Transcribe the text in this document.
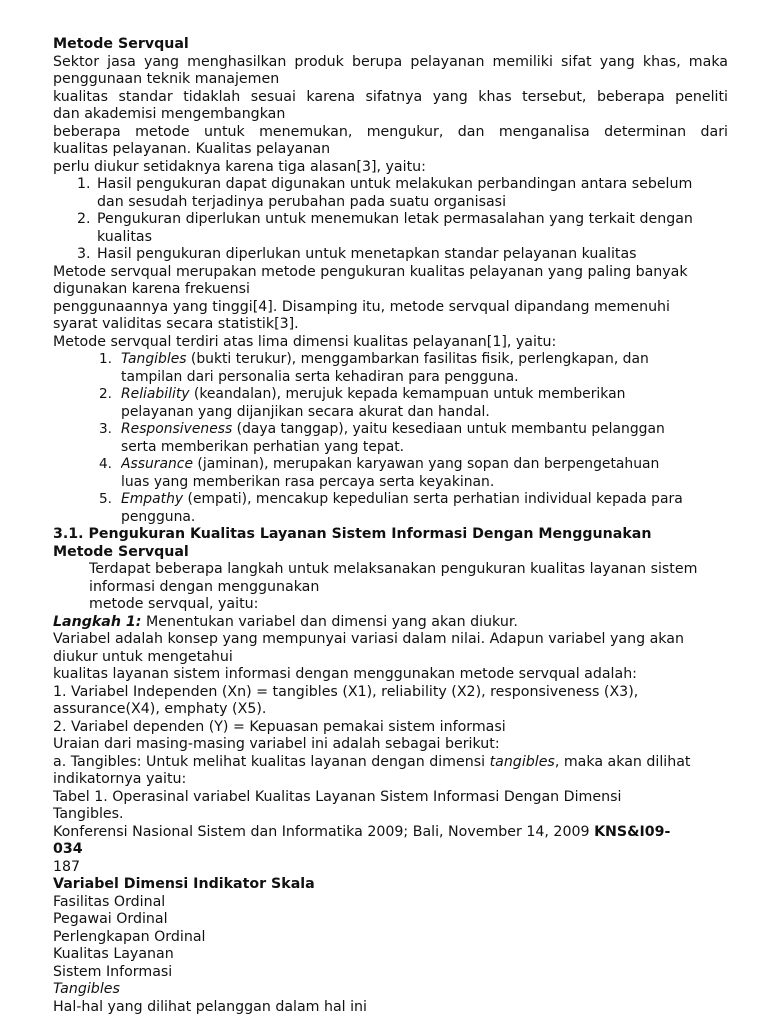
Metode Servqual
Sektor jasa yang menghasilkan produk berupa pelayanan memiliki sifat yang khas, maka
penggunaan teknik manajemen
kualitas standar tidaklah sesuai karena sifatnya yang khas tersebut, beberapa peneliti
dan akademisi mengembangkan
beberapa metode untuk menemukan, mengukur, dan menganalisa determinan dari
kualitas pelayanan. Kualitas pelayanan
perlu diukur setidaknya karena tiga alasan[3], yaitu:
1. Hasil pengukuran dapat digunakan untuk melakukan perbandingan antara sebelum
dan sesudah terjadinya perubahan pada suatu organisasi
2. Pengukuran diperlukan untuk menemukan letak permasalahan yang terkait dengan
kualitas
3. Hasil pengukuran diperlukan untuk menetapkan standar pelayanan kualitas
Metode servqual merupakan metode pengukuran kualitas pelayanan yang paling banyak
digunakan karena frekuensi
penggunaannya yang tinggi[4]. Disamping itu, metode servqual dipandang memenuhi
syarat validitas secara statistik[3].
Metode servqual terdiri atas lima dimensi kualitas pelayanan[1], yaitu:
1. Tangibles (bukti terukur), menggambarkan fasilitas fisik, perlengkapan, dan
tampilan dari personalia serta kehadiran para pengguna.
2. Reliability (keandalan), merujuk kepada kemampuan untuk memberikan
pelayanan yang dijanjikan secara akurat dan handal.
3. Responsiveness (daya tanggap), yaitu kesediaan untuk membantu pelanggan
serta memberikan perhatian yang tepat.
4. Assurance (jaminan), merupakan karyawan yang sopan dan berpengetahuan
luas yang memberikan rasa percaya serta keyakinan.
5. Empathy (empati), mencakup kepedulian serta perhatian individual kepada para
pengguna.
3.1. Pengukuran Kualitas Layanan Sistem Informasi Dengan Menggunakan
Metode Servqual
Terdapat beberapa langkah untuk melaksanakan pengukuran kualitas layanan sistem
informasi dengan menggunakan
metode servqual, yaitu:
Langkah 1: Menentukan variabel dan dimensi yang akan diukur.
Variabel adalah konsep yang mempunyai variasi dalam nilai. Adapun variabel yang akan
diukur untuk mengetahui
kualitas layanan sistem informasi dengan menggunakan metode servqual adalah:
1. Variabel Independen (Xn) = tangibles (X1), reliability (X2), responsiveness (X3),
assurance(X4), emphaty (X5).
2. Variabel dependen (Y) = Kepuasan pemakai sistem informasi
Uraian dari masing-masing variabel ini adalah sebagai berikut:
a. Tangibles: Untuk melihat kualitas layanan dengan dimensi tangibles, maka akan dilihat
indikatornya yaitu:
Tabel 1. Operasinal variabel Kualitas Layanan Sistem Informasi Dengan Dimensi
Tangibles.
Konferensi Nasional Sistem dan Informatika 2009; Bali, November 14, 2009 KNS&I09-
034
187
Variabel Dimensi Indikator Skala
Fasilitas Ordinal
Pegawai Ordinal
Perlengkapan Ordinal
Kualitas Layanan
Sistem Informasi
Tangibles
Hal-hal yang dilihat pelanggan dalam hal ini
